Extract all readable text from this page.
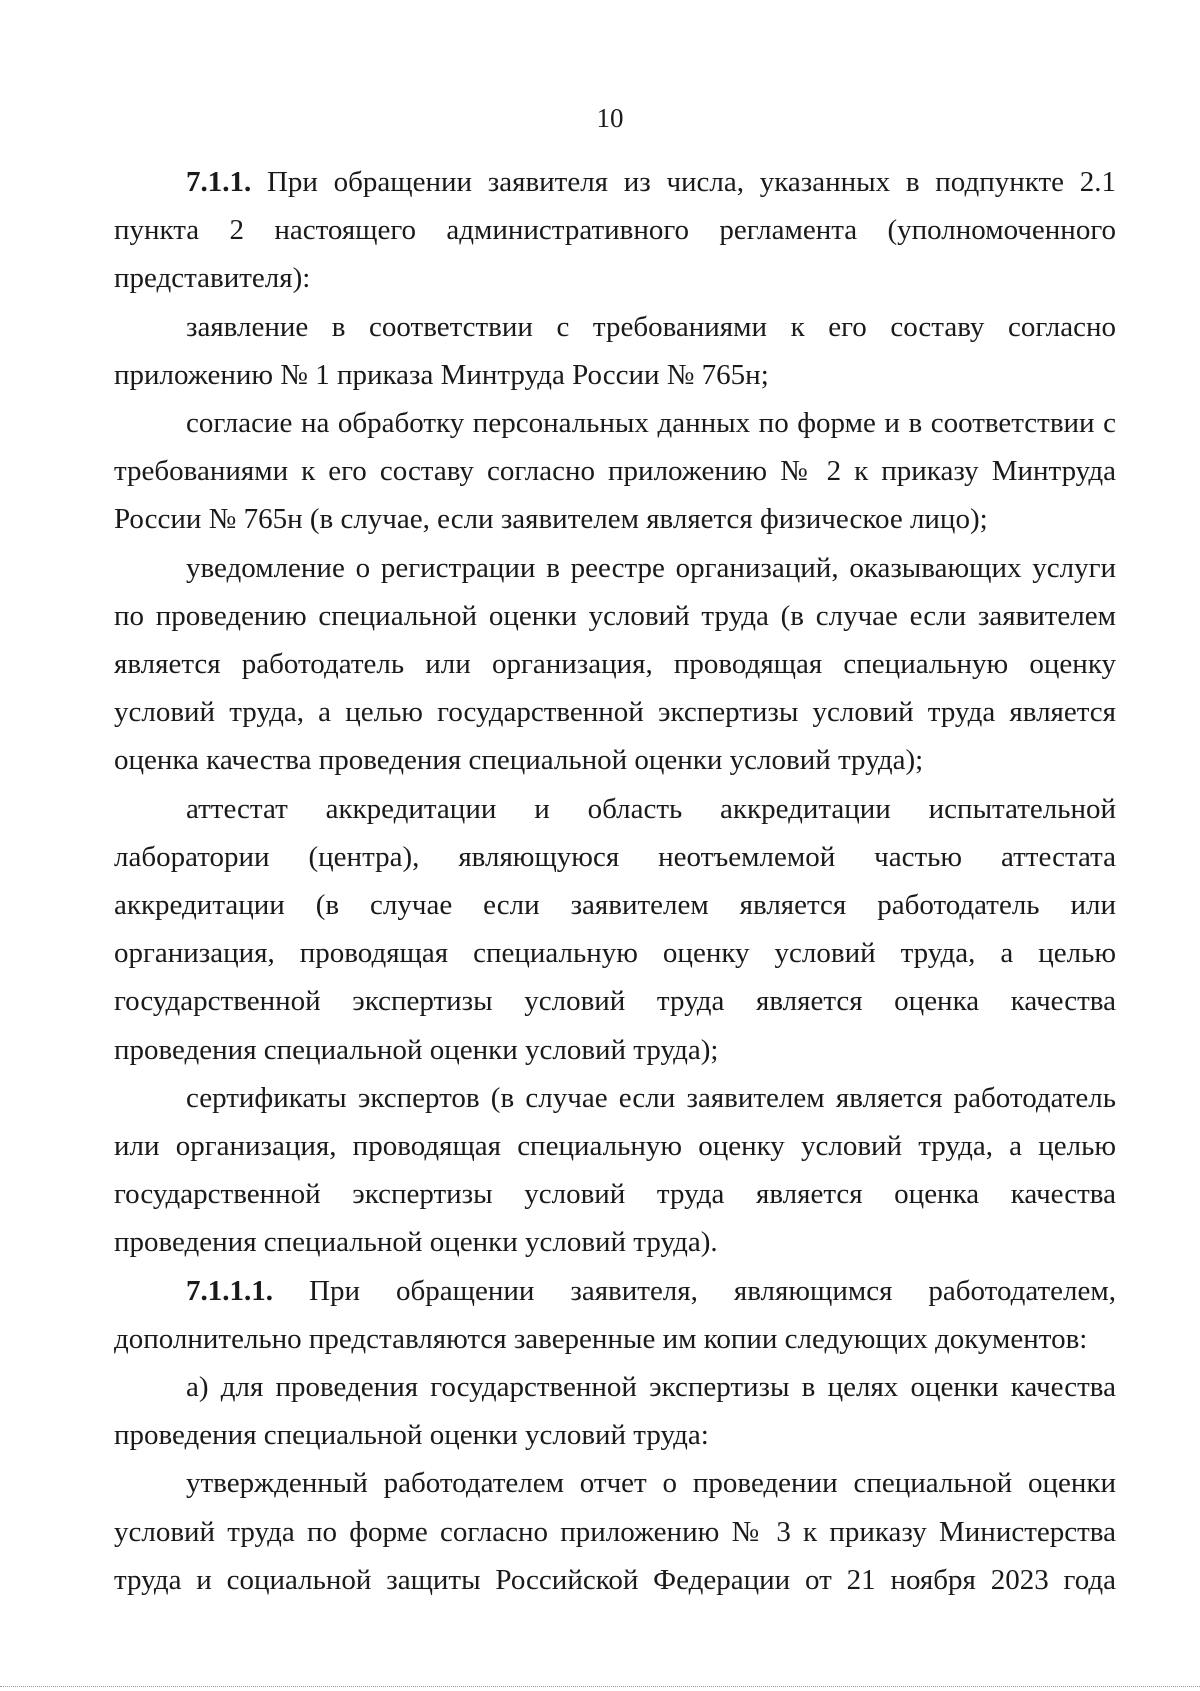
10

7.1.1. При обращении заявителя из числа, указанных в подпункте 2.1 пункта 2 настоящего административного регламента (уполномоченного представителя):

заявление в соответствии с требованиями к его составу согласно приложению № 1 приказа Минтруда России № 765н;

согласие на обработку персональных данных по форме и в соответствии с требованиями к его составу согласно приложению № 2 к приказу Минтруда России № 765н (в случае, если заявителем является физическое лицо);

уведомление о регистрации в реестре организаций, оказывающих услуги по проведению специальной оценки условий труда (в случае если заявителем является работодатель или организация, проводящая специальную оценку условий труда, а целью государственной экспертизы условий труда является оценка качества проведения специальной оценки условий труда);

аттестат аккредитации и область аккредитации испытательной лаборатории (центра), являющуюся неотъемлемой частью аттестата аккредитации (в случае если заявителем является работодатель или организация, проводящая специальную оценку условий труда, а целью государственной экспертизы условий труда является оценка качества проведения специальной оценки условий труда);

сертификаты экспертов (в случае если заявителем является работодатель или организация, проводящая специальную оценку условий труда, а целью государственной экспертизы условий труда является оценка качества проведения специальной оценки условий труда).

7.1.1.1. При обращении заявителя, являющимся работодателем, дополнительно представляются заверенные им копии следующих документов:

а) для проведения государственной экспертизы в целях оценки качества проведения специальной оценки условий труда:

утвержденный работодателем отчет о проведении специальной оценки условий труда по форме согласно приложению № 3 к приказу Министерства труда и социальной защиты Российской Федерации от 21 ноября 2023 года
